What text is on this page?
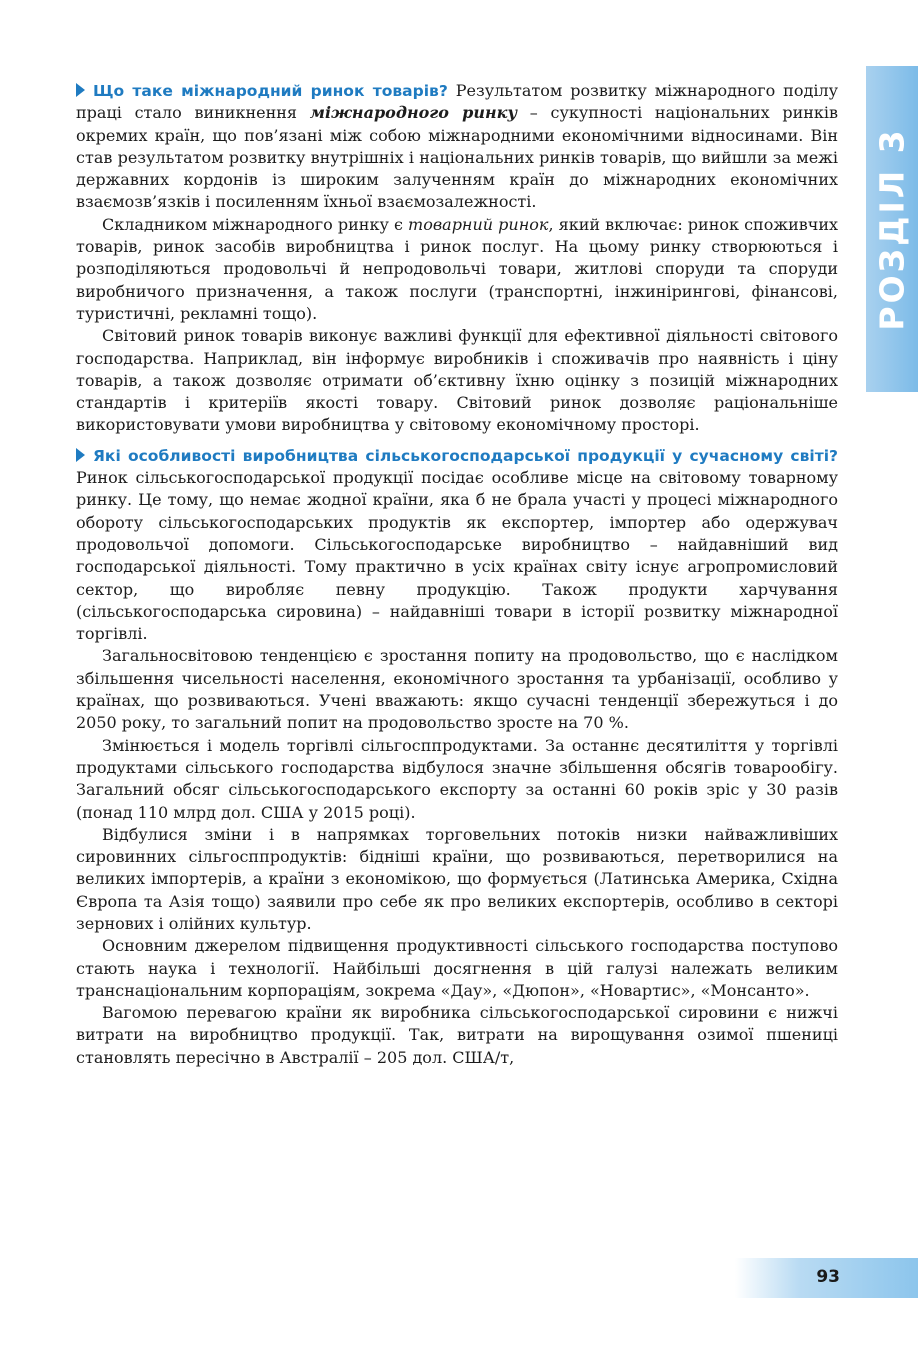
РОЗДІЛ 3

Що таке міжнародний ринок товарів? Результатом розвитку міжнародного поділу праці стало виникнення міжнародного ринку – сукупності національних ринків окремих країн, що пов’язані між собою міжнародними економічними відносинами. Він став результатом розвитку внутрішніх і національних ринків товарів, що вийшли за межі державних кордонів із широким залученням країн до міжнародних економічних взаємозв’язків і посиленням їхньої взаємозалежності.

Складником міжнародного ринку є товарний ринок, який включає: ринок споживчих товарів, ринок засобів виробництва і ринок послуг. На цьому ринку створюються і розподіляються продовольчі й непродовольчі товари, житлові споруди та споруди виробничого призначення, а також послуги (транспортні, інжинірингові, фінансові, туристичні, рекламні тощо).

Світовий ринок товарів виконує важливі функції для ефективної діяльності світового господарства. Наприклад, він інформує виробників і споживачів про наявність і ціну товарів, а також дозволяє отримати об’єктивну їхню оцінку з позицій міжнародних стандартів і критеріїв якості товару. Світовий ринок дозволяє раціональніше використовувати умови виробництва у світовому економічному просторі.

Які особливості виробництва сільськогосподарської продукції у сучасному світі? Ринок сільськогосподарської продукції посідає особливе місце на світовому товарному ринку. Це тому, що немає жодної країни, яка б не брала участі у процесі міжнародного обороту сільськогосподарських продуктів як експортер, імпортер або одержувач продовольчої допомоги. Сільськогосподарське виробництво – найдавніший вид господарської діяльності. Тому практично в усіх країнах світу існує агропромисловий сектор, що виробляє певну продукцію. Також продукти харчування (сільськогосподарська сировина) – найдавніші товари в історії розвитку міжнародної торгівлі.

Загальносвітовою тенденцією є зростання попиту на продовольство, що є наслідком збільшення чисельності населення, економічного зростання та урбанізації, особливо у країнах, що розвиваються. Учені вважають: якщо сучасні тенденції збережуться і до 2050 року, то загальний попит на продовольство зросте на 70 %.

Змінюється і модель торгівлі сільгосппродуктами. За останнє десятиліття у торгівлі продуктами сільського господарства відбулося значне збільшення обсягів товарообігу. Загальний обсяг сільськогосподарського експорту за останні 60 років зріс у 30 разів (понад 110 млрд дол. США у 2015 році).

Відбулися зміни і в напрямках торговельних потоків низки найважливіших сировинних сільгосппродуктів: бідніші країни, що розвиваються, перетворилися на великих імпортерів, а країни з економікою, що формується (Латинська Америка, Східна Європа та Азія тощо) заявили про себе як про великих експортерів, особливо в секторі зернових і олійних культур.

Основним джерелом підвищення продуктивності сільського господарства поступово стають наука і технології. Найбільші досягнення в цій галузі належать великим транснаціональним корпораціям, зокрема «Дау», «Дюпон», «Новартис», «Монсанто».

Вагомою перевагою країни як виробника сільськогосподарської сировини є нижчі витрати на виробництво продукції. Так, витрати на вирощування озимої пшениці становлять пересічно в Австралії – 205 дол. США/т,

93
